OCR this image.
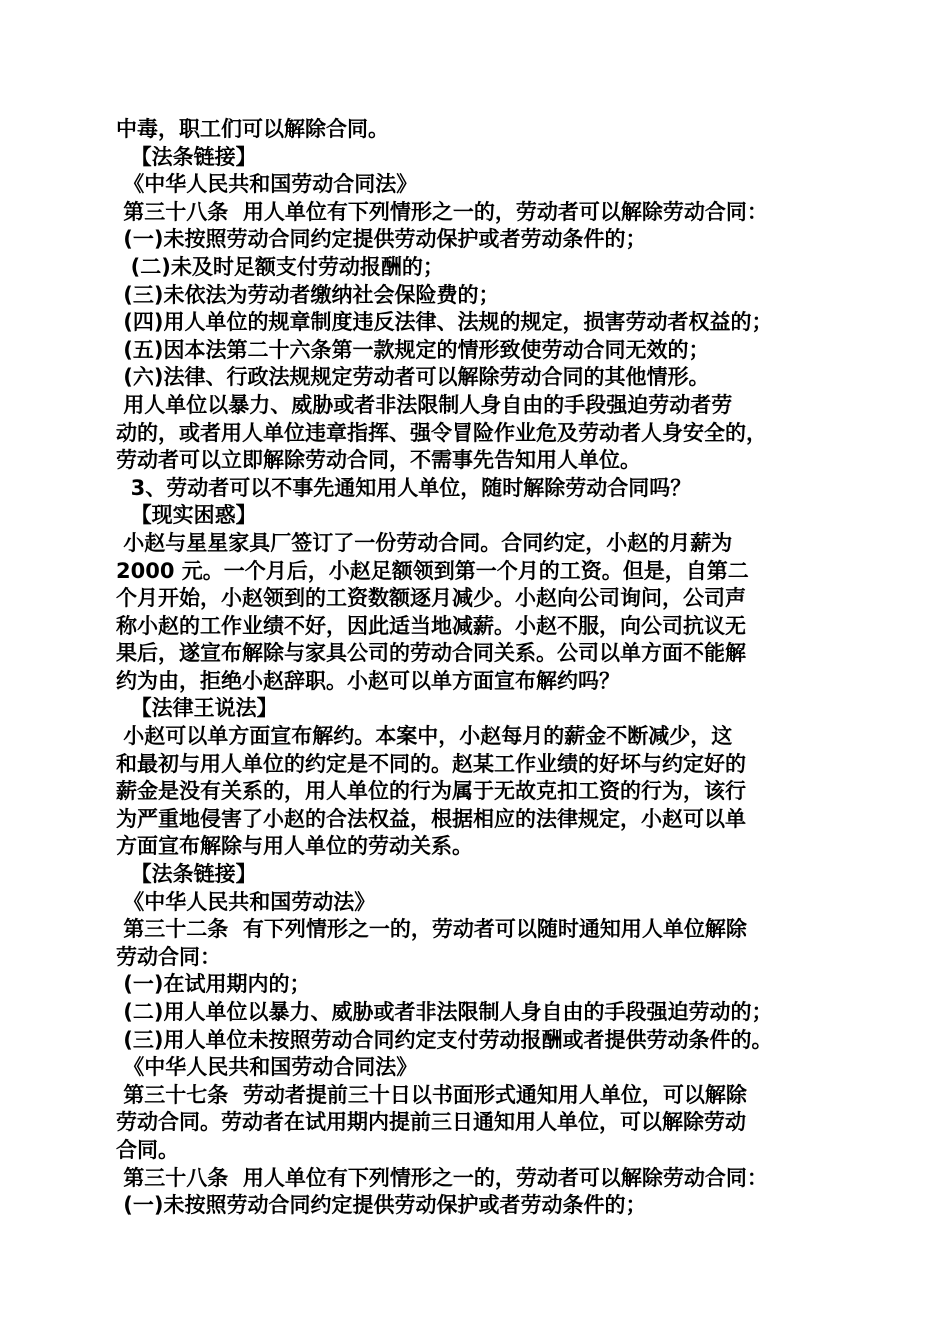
中毒，职工们可以解除合同。
【法条链接】
《中华人民共和国劳动合同法》
第三十八条  用人单位有下列情形之一的，劳动者可以解除劳动合同：
(一)未按照劳动合同约定提供劳动保护或者劳动条件的；
(二)未及时足额支付劳动报酬的；
(三)未依法为劳动者缴纳社会保险费的；
(四)用人单位的规章制度违反法律、法规的规定，损害劳动者权益的；
(五)因本法第二十六条第一款规定的情形致使劳动合同无效的；
(六)法律、行政法规规定劳动者可以解除劳动合同的其他情形。
用人单位以暴力、威胁或者非法限制人身自由的手段强迫劳动者劳
动的，或者用人单位违章指挥、强令冒险作业危及劳动者人身安全的，
劳动者可以立即解除劳动合同，不需事先告知用人单位。
3、劳动者可以不事先通知用人单位，随时解除劳动合同吗？
【现实困惑】
小赵与星星家具厂签订了一份劳动合同。合同约定，小赵的月薪为
2000 元。一个月后，小赵足额领到第一个月的工资。但是，自第二
个月开始，小赵领到的工资数额逐月减少。小赵向公司询问，公司声
称小赵的工作业绩不好，因此适当地减薪。小赵不服，向公司抗议无
果后，遂宣布解除与家具公司的劳动合同关系。公司以单方面不能解
约为由，拒绝小赵辞职。小赵可以单方面宣布解约吗？
【法律王说法】
小赵可以单方面宣布解约。本案中，小赵每月的薪金不断减少，这
和最初与用人单位的约定是不同的。赵某工作业绩的好坏与约定好的
薪金是没有关系的，用人单位的行为属于无故克扣工资的行为，该行
为严重地侵害了小赵的合法权益，根据相应的法律规定，小赵可以单
方面宣布解除与用人单位的劳动关系。
【法条链接】
《中华人民共和国劳动法》
第三十二条  有下列情形之一的，劳动者可以随时通知用人单位解除
劳动合同：
(一)在试用期内的；
(二)用人单位以暴力、威胁或者非法限制人身自由的手段强迫劳动的；
(三)用人单位未按照劳动合同约定支付劳动报酬或者提供劳动条件的。
《中华人民共和国劳动合同法》
第三十七条  劳动者提前三十日以书面形式通知用人单位，可以解除
劳动合同。劳动者在试用期内提前三日通知用人单位，可以解除劳动
合同。
第三十八条  用人单位有下列情形之一的，劳动者可以解除劳动合同：
(一)未按照劳动合同约定提供劳动保护或者劳动条件的；
